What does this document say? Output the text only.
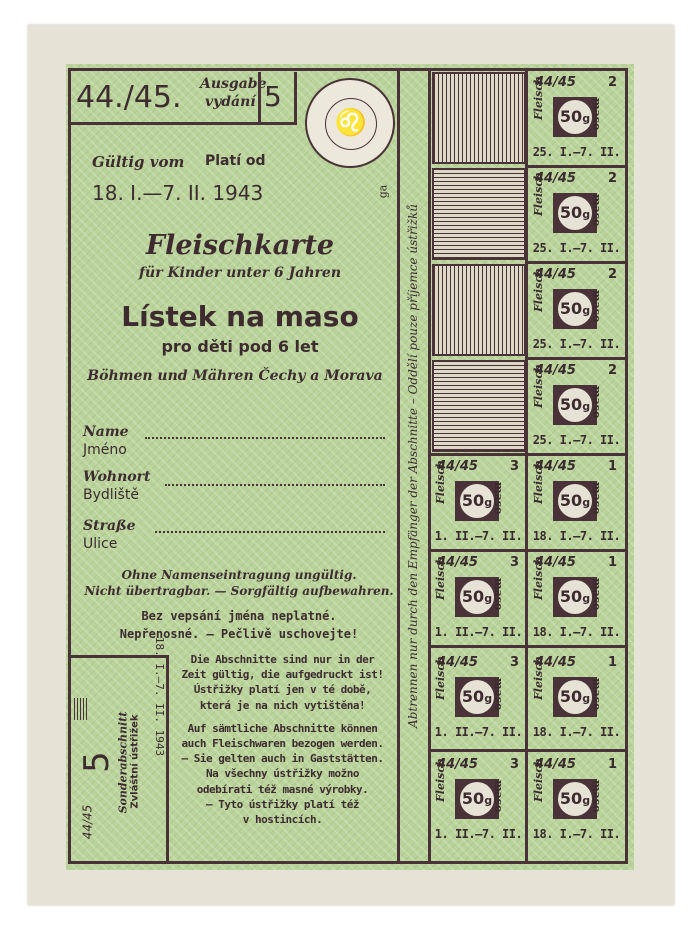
44./45. Ausgabe
vydání 5
♌
ga
Gültig vom Platí od
18. I.—7. II. 1943
Fleischkarte
für Kinder unter 6 Jahren
Lístek na maso
pro děti pod 6 let
Böhmen und Mähren Čechy a Morava
Name
Jméno
Wohnort
Bydliště
Straße
Ulice
Ohne Namenseintragung ungültig.
Nicht übertragbar. — Sorgfältig aufbewahren.
Bez vepsání jména neplatné.
Nepřenosné. — Pečlivě uschovejte!
5 Sonderabschnitt Zvláštní ústřižek
18. I.–7. II. 1943
44/45
Die Abschnitte sind nur in der
Zeit gültig, die aufgedruckt ist!
Ústřižky platí jen v té době,
která je na nich vytištěna!
Auf sämtliche Abschnitte können
auch Fleischwaren bezogen werden.
— Sie gelten auch in Gaststätten.
Na všechny ústřižky možno
odebírati též masné výrobky.
— Tyto ústřižky platí též
v hostincích.
Abtrennen nur durch den Empfänger der Abschnitte – Oddělí pouze příjemce ústřižků
44/45 2
Fleisch 50g maso
25. I.–7. II.
44/45 2
Fleisch 50g maso
25. I.–7. II.
44/45 2
Fleisch 50g maso
25. I.–7. II.
44/45 2
Fleisch 50g maso
25. I.–7. II.
44/45 1
Fleisch 50g maso
18. I.–7. II.
44/45 1
Fleisch 50g maso
18. I.–7. II.
44/45 1
Fleisch 50g maso
18. I.–7. II.
44/45 1
Fleisch 50g maso
18. I.–7. II.
44/45 3
Fleisch 50g maso
1. II.–7. II.
44/45 3
Fleisch 50g maso
1. II.–7. II.
44/45 3
Fleisch 50g maso
1. II.–7. II.
44/45 3
Fleisch 50g maso
1. II.–7. II.
